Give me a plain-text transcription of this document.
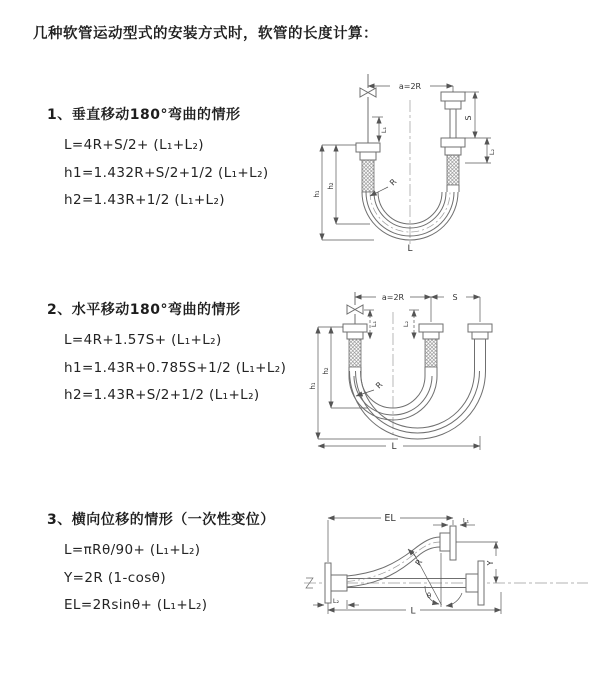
几种软管运动型式的安装方式时，软管的长度计算：

1、垂直移动180°弯曲的情形

L=4R+S/2+ (L₁+L₂)

h1=1.432R+S/2+1/2 (L₁+L₂)

h2=1.43R+1/2 (L₁+L₂)

a=2R
S
L₂
L₁
h₁
h₂	R
L

2、水平移动180°弯曲的情形

L=4R+1.57S+ (L₁+L₂)

h1=1.43R+0.785S+1/2 (L₁+L₂)

h2=1.43R+S/2+1/2 (L₁+L₂)

a=2R	S
L₁	L₂
h₁
h₂
R
L

3、横向位移的情形（一次性变位）

L=πRθ/90+ (L₁+L₂)

Y=2R (1-cosθ)

EL=2Rsinθ+ (L₁+L₂)

θ
R
EL	L₁
Y
L
L₂
